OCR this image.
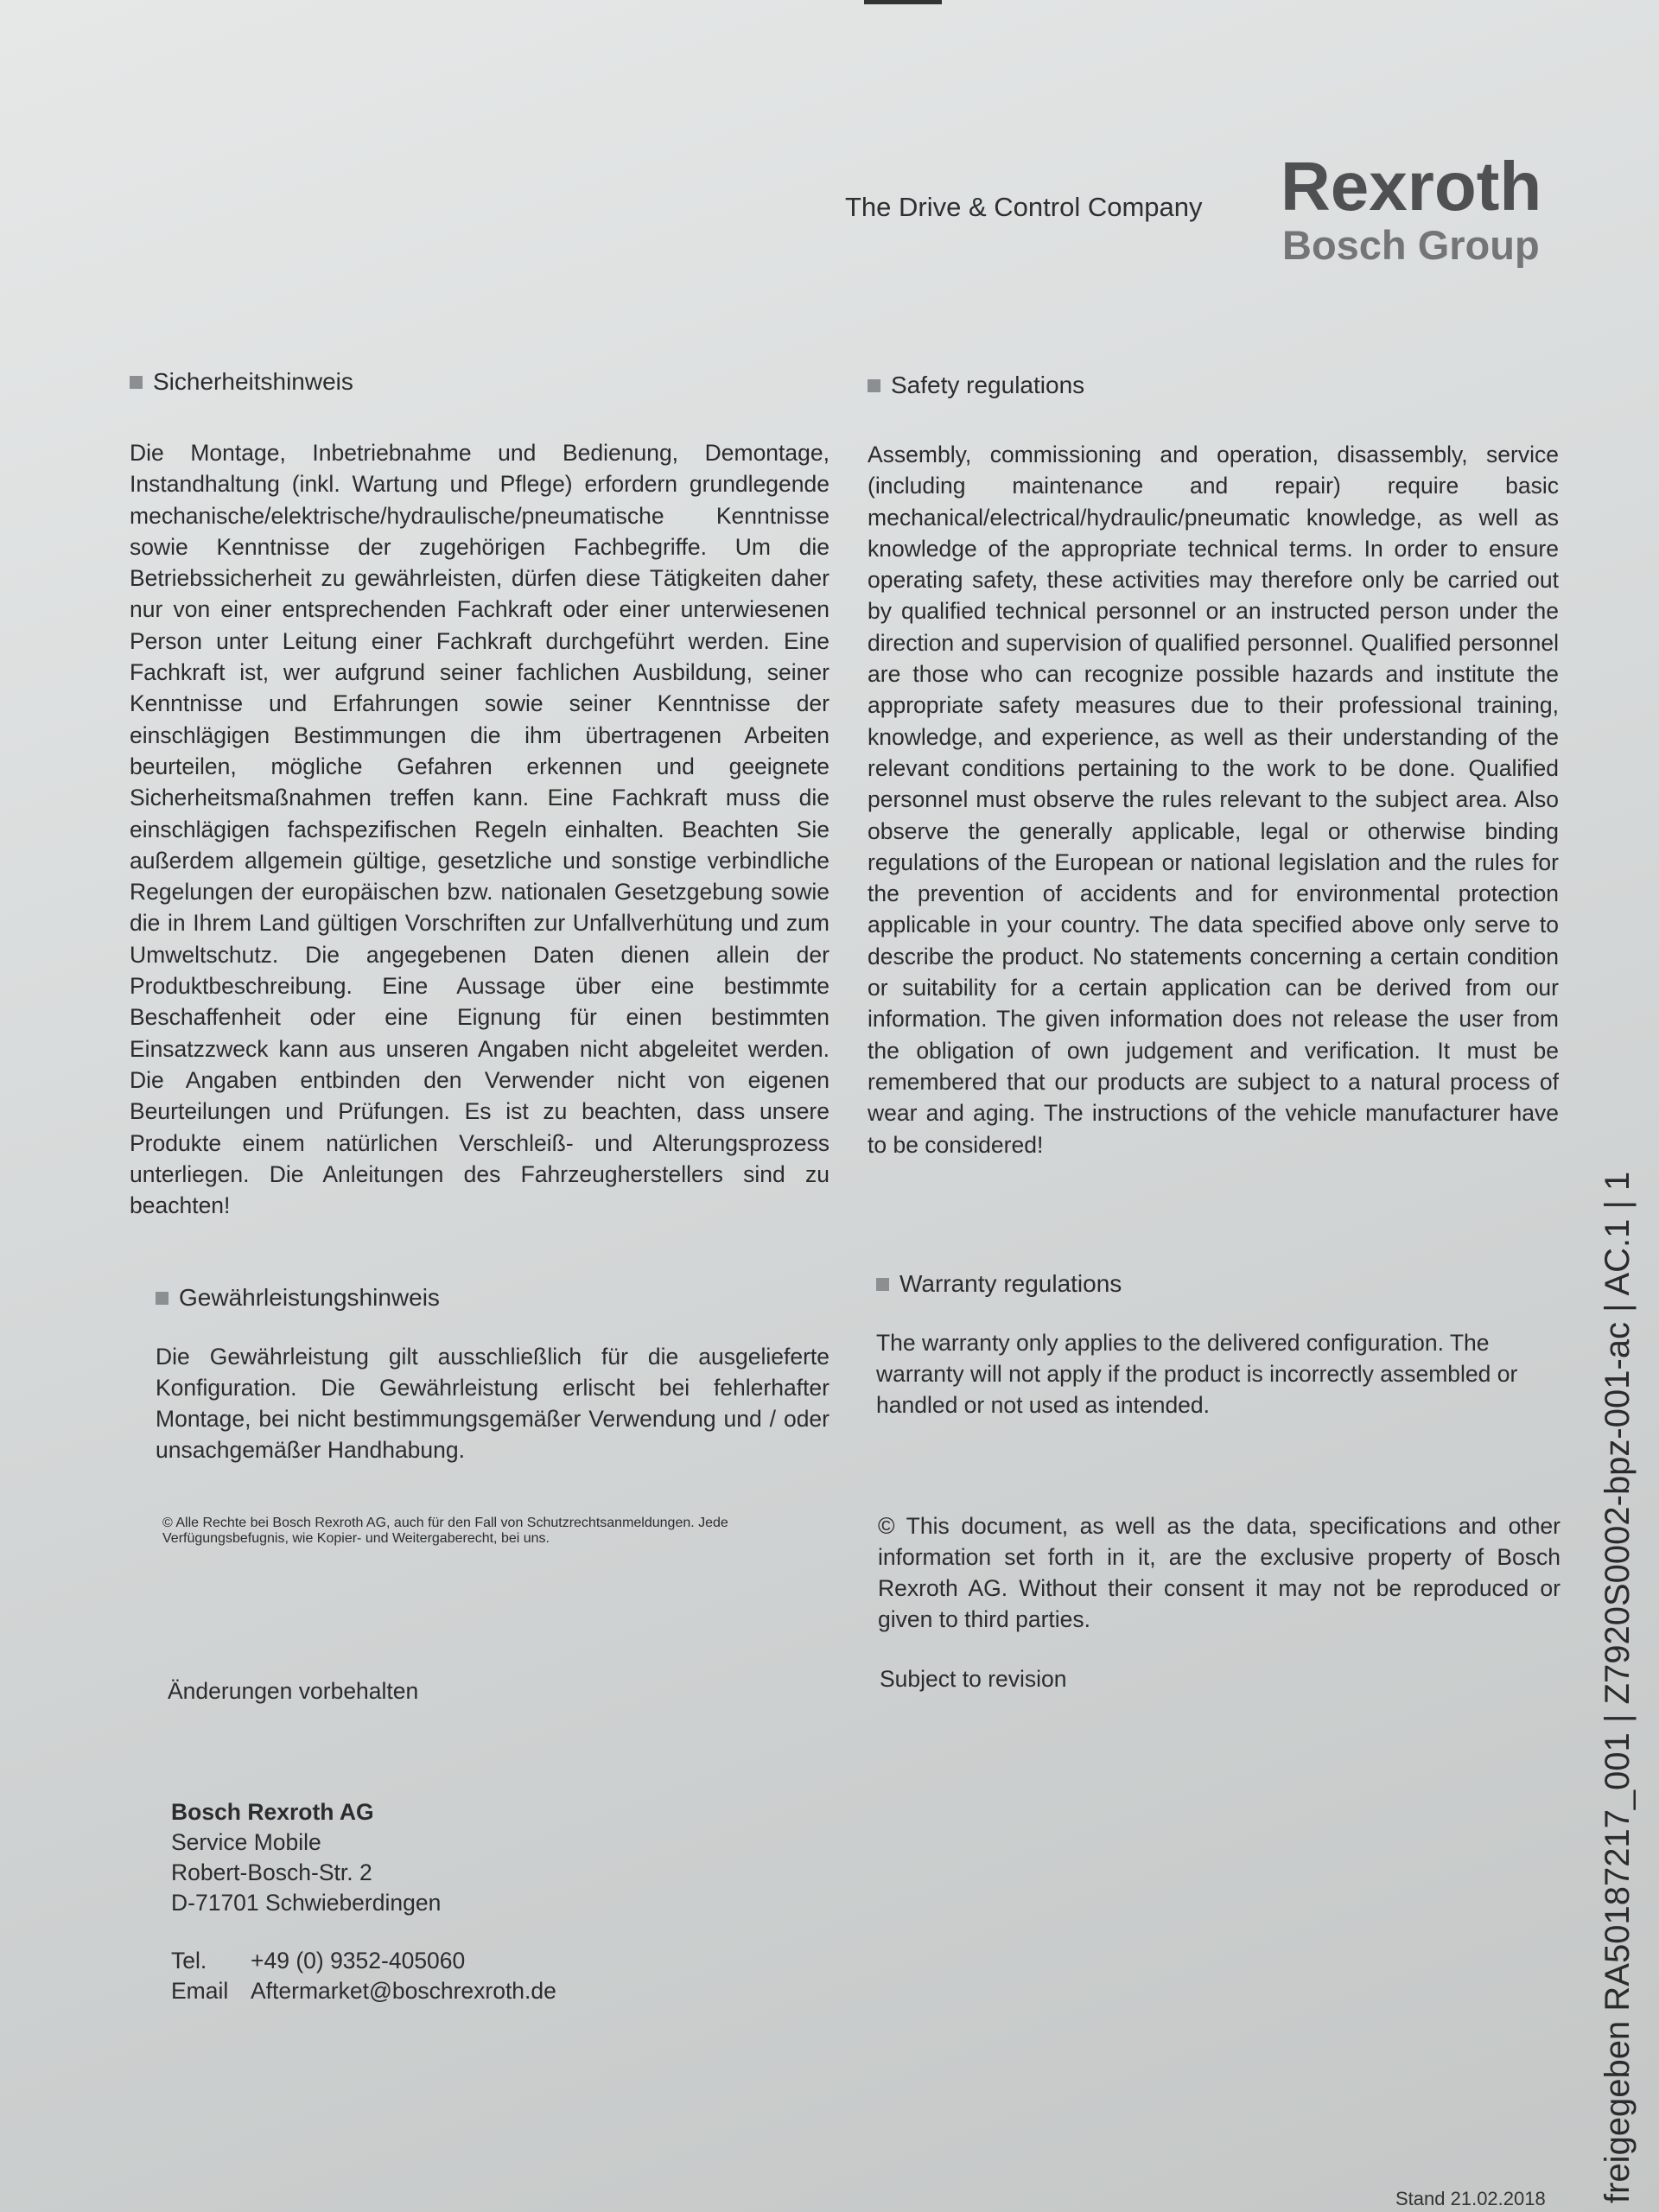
The Drive & Control Company Rexroth
Bosch Group
Sicherheitshinweis
Die Montage, Inbetriebnahme und Bedienung, Demontage, Instandhaltung (inkl. Wartung und Pflege) erfordern grundlegende mechanische/elektrische/hydraulische/pneumatische Kenntnisse sowie Kenntnisse der zugehörigen Fachbegriffe. Um die Betriebssicherheit zu gewährleisten, dürfen diese Tätigkeiten daher nur von einer entsprechenden Fachkraft oder einer unterwiesenen Person unter Leitung einer Fachkraft durchgeführt werden. Eine Fachkraft ist, wer aufgrund seiner fachlichen Ausbildung, seiner Kenntnisse und Erfahrungen sowie seiner Kenntnisse der einschlägigen Bestimmungen die ihm übertragenen Arbeiten beurteilen, mögliche Gefahren erkennen und geeignete Sicherheitsmaßnahmen treffen kann. Eine Fachkraft muss die einschlägigen fachspezifischen Regeln einhalten. Beachten Sie außerdem allgemein gültige, gesetzliche und sonstige verbindliche Regelungen der europäischen bzw. nationalen Gesetzgebung sowie die in Ihrem Land gültigen Vorschriften zur Unfallverhütung und zum Umweltschutz. Die angegebenen Daten dienen allein der Produktbeschreibung. Eine Aussage über eine bestimmte Beschaffenheit oder eine Eignung für einen bestimmten Einsatzzweck kann aus unseren Angaben nicht abgeleitet werden. Die Angaben entbinden den Verwender nicht von eigenen Beurteilungen und Prüfungen. Es ist zu beachten, dass unsere Produkte einem natürlichen Verschleiß- und Alterungsprozess unterliegen. Die Anleitungen des Fahrzeugherstellers sind zu beachten!
Gewährleistungshinweis
Die Gewährleistung gilt ausschließlich für die ausgelieferte Konfiguration. Die Gewährleistung erlischt bei fehlerhafter Montage, bei nicht bestimmungsgemäßer Verwendung und / oder unsachgemäßer Handhabung.
© Alle Rechte bei Bosch Rexroth AG, auch für den Fall von Schutzrechtsanmeldungen. Jede Verfügungsbefugnis, wie Kopier- und Weitergaberecht, bei uns.
Änderungen vorbehalten
Bosch Rexroth AG
Service Mobile
Robert-Bosch-Str. 2
D-71701 Schwieberdingen
Tel.	+49 (0) 9352-405060
Email Aftermarket@boschrexroth.de
Safety regulations
Assembly, commissioning and operation, disassembly, service (including maintenance and repair) require basic mechanical/electrical/hydraulic/pneumatic knowledge, as well as knowledge of the appropriate technical terms. In order to ensure operating safety, these activities may therefore only be carried out by qualified technical personnel or an instructed person under the direction and supervision of qualified personnel. Qualified personnel are those who can recognize possible hazards and institute the appropriate safety measures due to their professional training, knowledge, and experience, as well as their understanding of the relevant conditions pertaining to the work to be done. Qualified personnel must observe the rules relevant to the subject area. Also observe the generally applicable, legal or otherwise binding regulations of the European or national legislation and the rules for the prevention of accidents and for environmental protection applicable in your country. The data specified above only serve to describe the product. No statements concerning a certain condition or suitability for a certain application can be derived from our information. The given information does not release the user from the obligation of own judgement and verification. It must be remembered that our products are subject to a natural process of wear and aging. The instructions of the vehicle manufacturer have to be considered!
Warranty regulations
The warranty only applies to the delivered configuration. The warranty will not apply if the product is incorrectly assembled or handled or not used as intended.
© This document, as well as the data, specifications and other information set forth in it, are the exclusive property of Bosch Rexroth AG. Without their consent it may not be reproduced or given to third parties.
Subject to revision	freigegeben RA50187217_001 | Z7920S0002-bpz-001-ac | AC.1 | 1
Stand 21.02.2018
